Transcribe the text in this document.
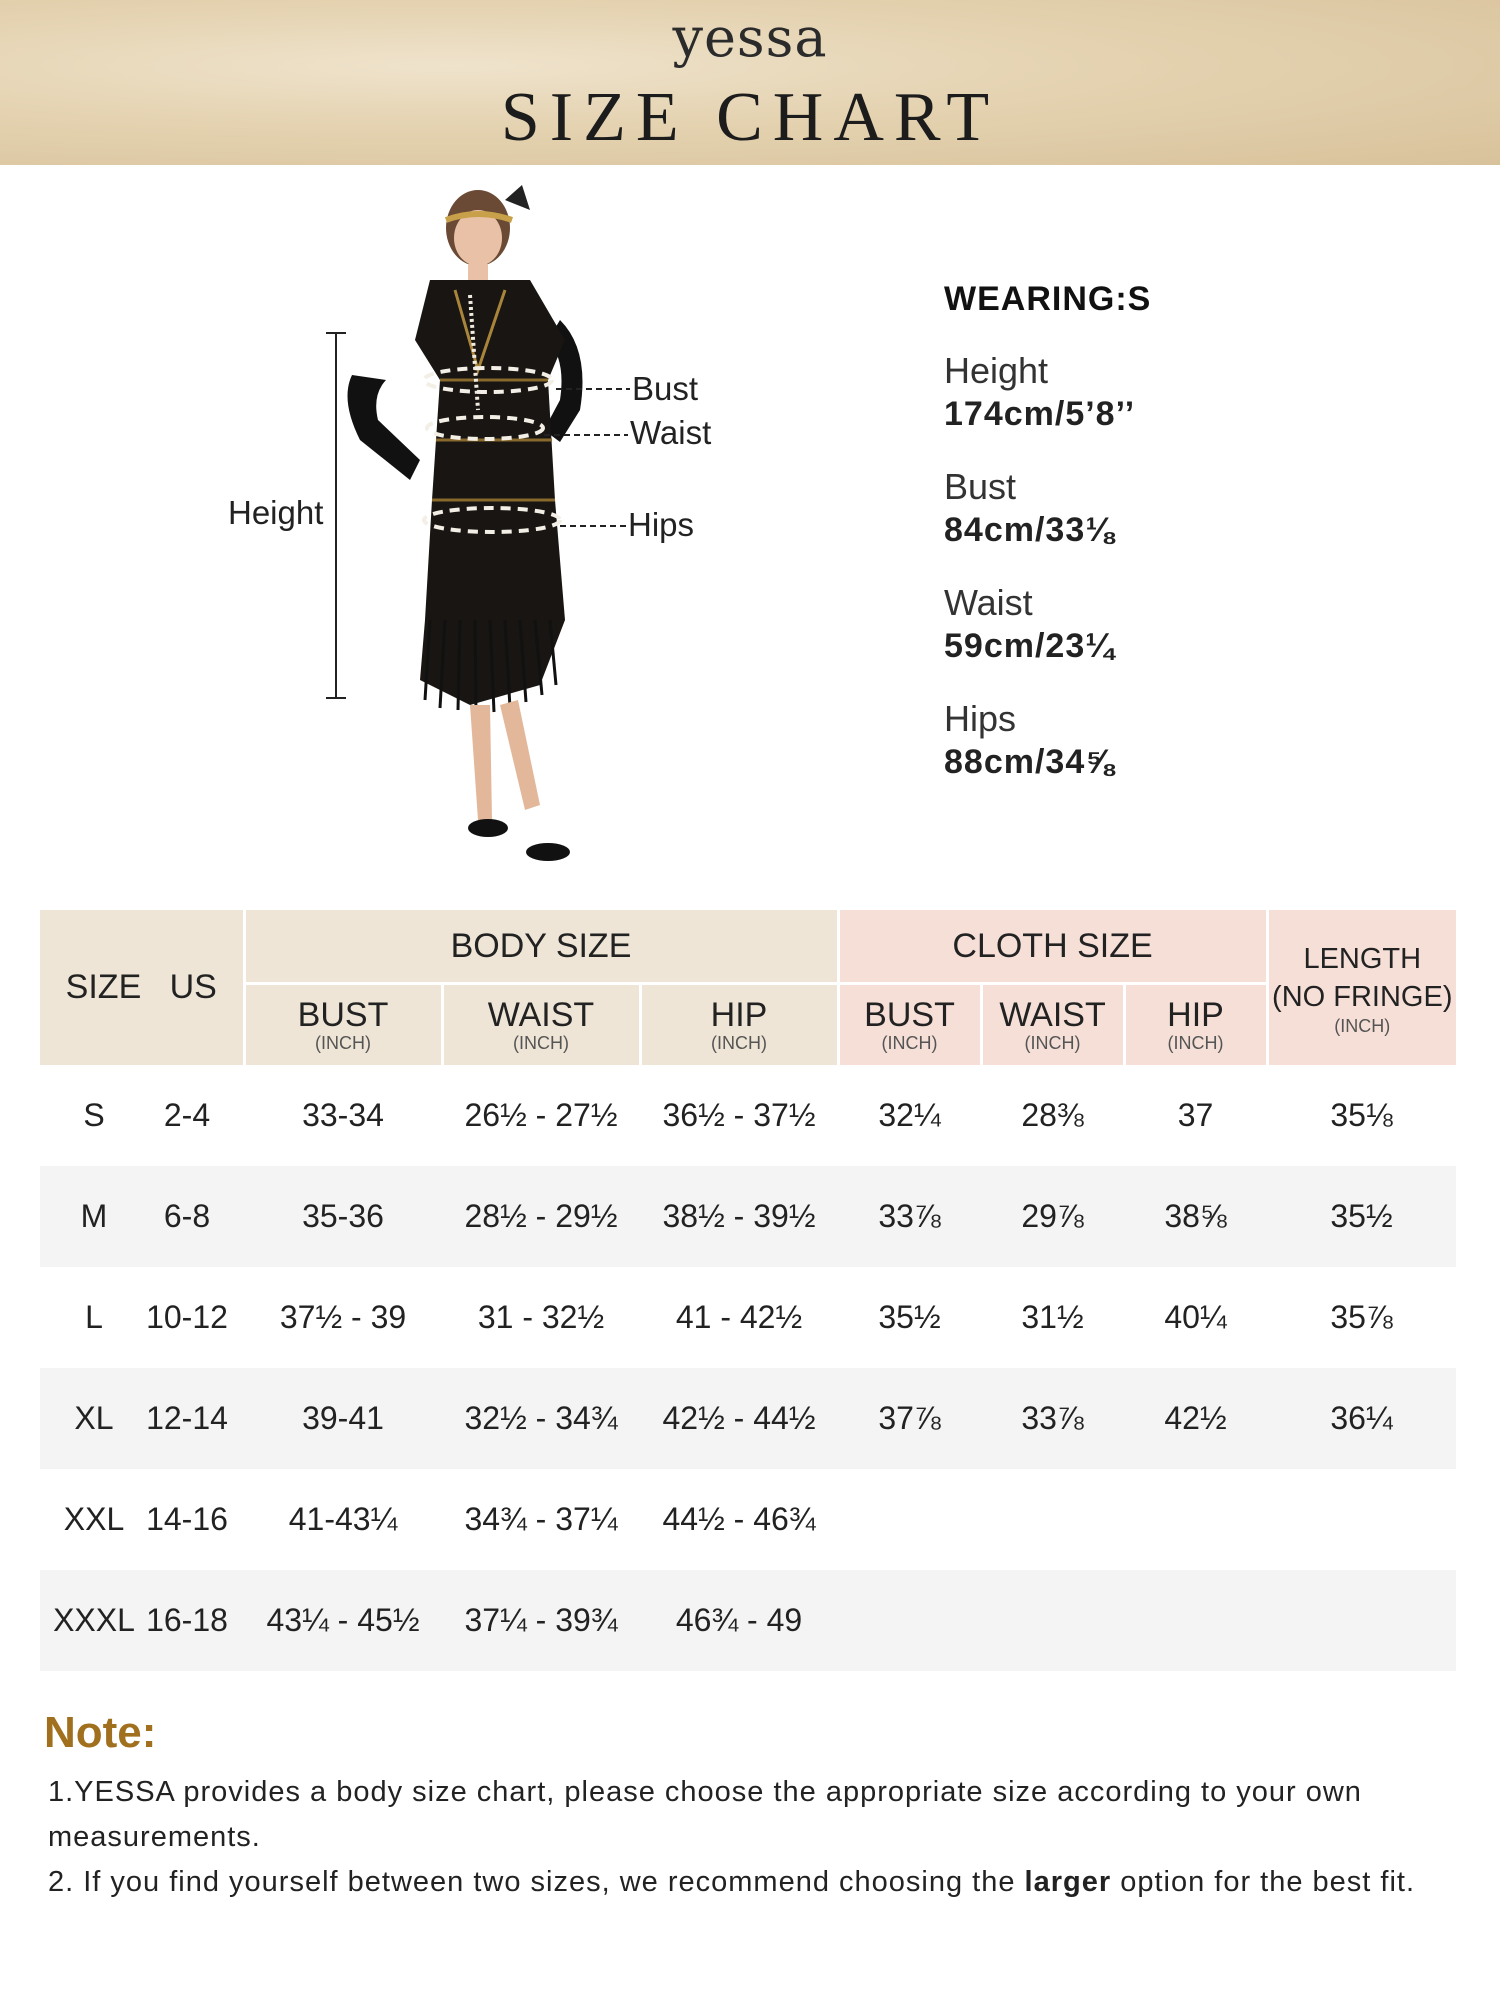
yessa
SIZE CHART
Height
Bust
Waist
Hips
WEARING:S
Height
174cm/5’8’’
Bust
84cm/33⅛
Waist
59cm/23¼
Hips
88cm/34⅝
SIZE   US	BODY SIZE			CLOTH SIZE			LENGTH
(NO FRINGE)

(INCH)

	BUST
(INCH)	WAIST
(INCH)	HIP
(INCH)	BUST
(INCH)	WAIST
(INCH)	HIP
(INCH)	

S 2-4	33-34	26½ - 27½	36½ - 37½	32¼	28⅜	37	35⅛
M 6-8	35-36	28½ - 29½	38½ - 39½	33⅞	29⅞	38⅝	35½
L 10-12	37½ - 39	31 - 32½	41 - 42½	35½	31½	40¼	35⅞
XL 12-14	39-41	32½ - 34¾	42½ - 44½	37⅞	33⅞	42½	36¼
XXL 14-16	41-43¼	34¾ - 37¼	44½ - 46¾				
XXXL 16-18	43¼ - 45½	37¼ - 39¾	46¾ - 49				
Note:
1.YESSA provides a body size chart, please choose the appropriate size according to your own measurements.
2. If you find yourself between two sizes, we recommend choosing the larger option for the best fit.
